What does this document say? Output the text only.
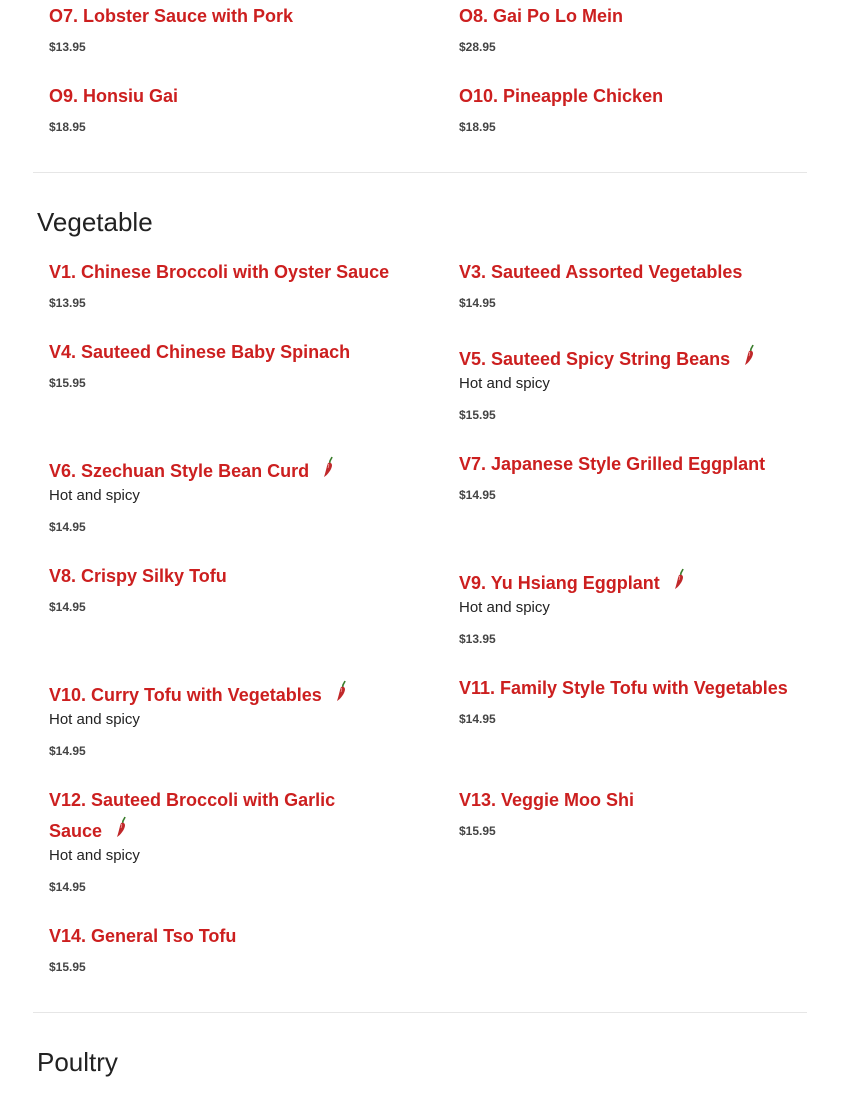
O7. Lobster Sauce with Pork
$13.95
O8. Gai Po Lo Mein
$28.95
O9. Honsiu Gai
$18.95
O10. Pineapple Chicken
$18.95
Vegetable
V1. Chinese Broccoli with Oyster Sauce
$13.95
V3. Sauteed Assorted Vegetables
$14.95
V4. Sauteed Chinese Baby Spinach
$15.95
V5. Sauteed Spicy String Beans
Hot and spicy
$15.95
V6. Szechuan Style Bean Curd
Hot and spicy
$14.95
V7. Japanese Style Grilled Eggplant
$14.95
V8. Crispy Silky Tofu
$14.95
V9. Yu Hsiang Eggplant
Hot and spicy
$13.95
V10. Curry Tofu with Vegetables
Hot and spicy
$14.95
V11. Family Style Tofu with Vegetables
$14.95
V12. Sauteed Broccoli with Garlic Sauce
Hot and spicy
$14.95
V13. Veggie Moo Shi
$15.95
V14. General Tso Tofu
$15.95
Poultry
